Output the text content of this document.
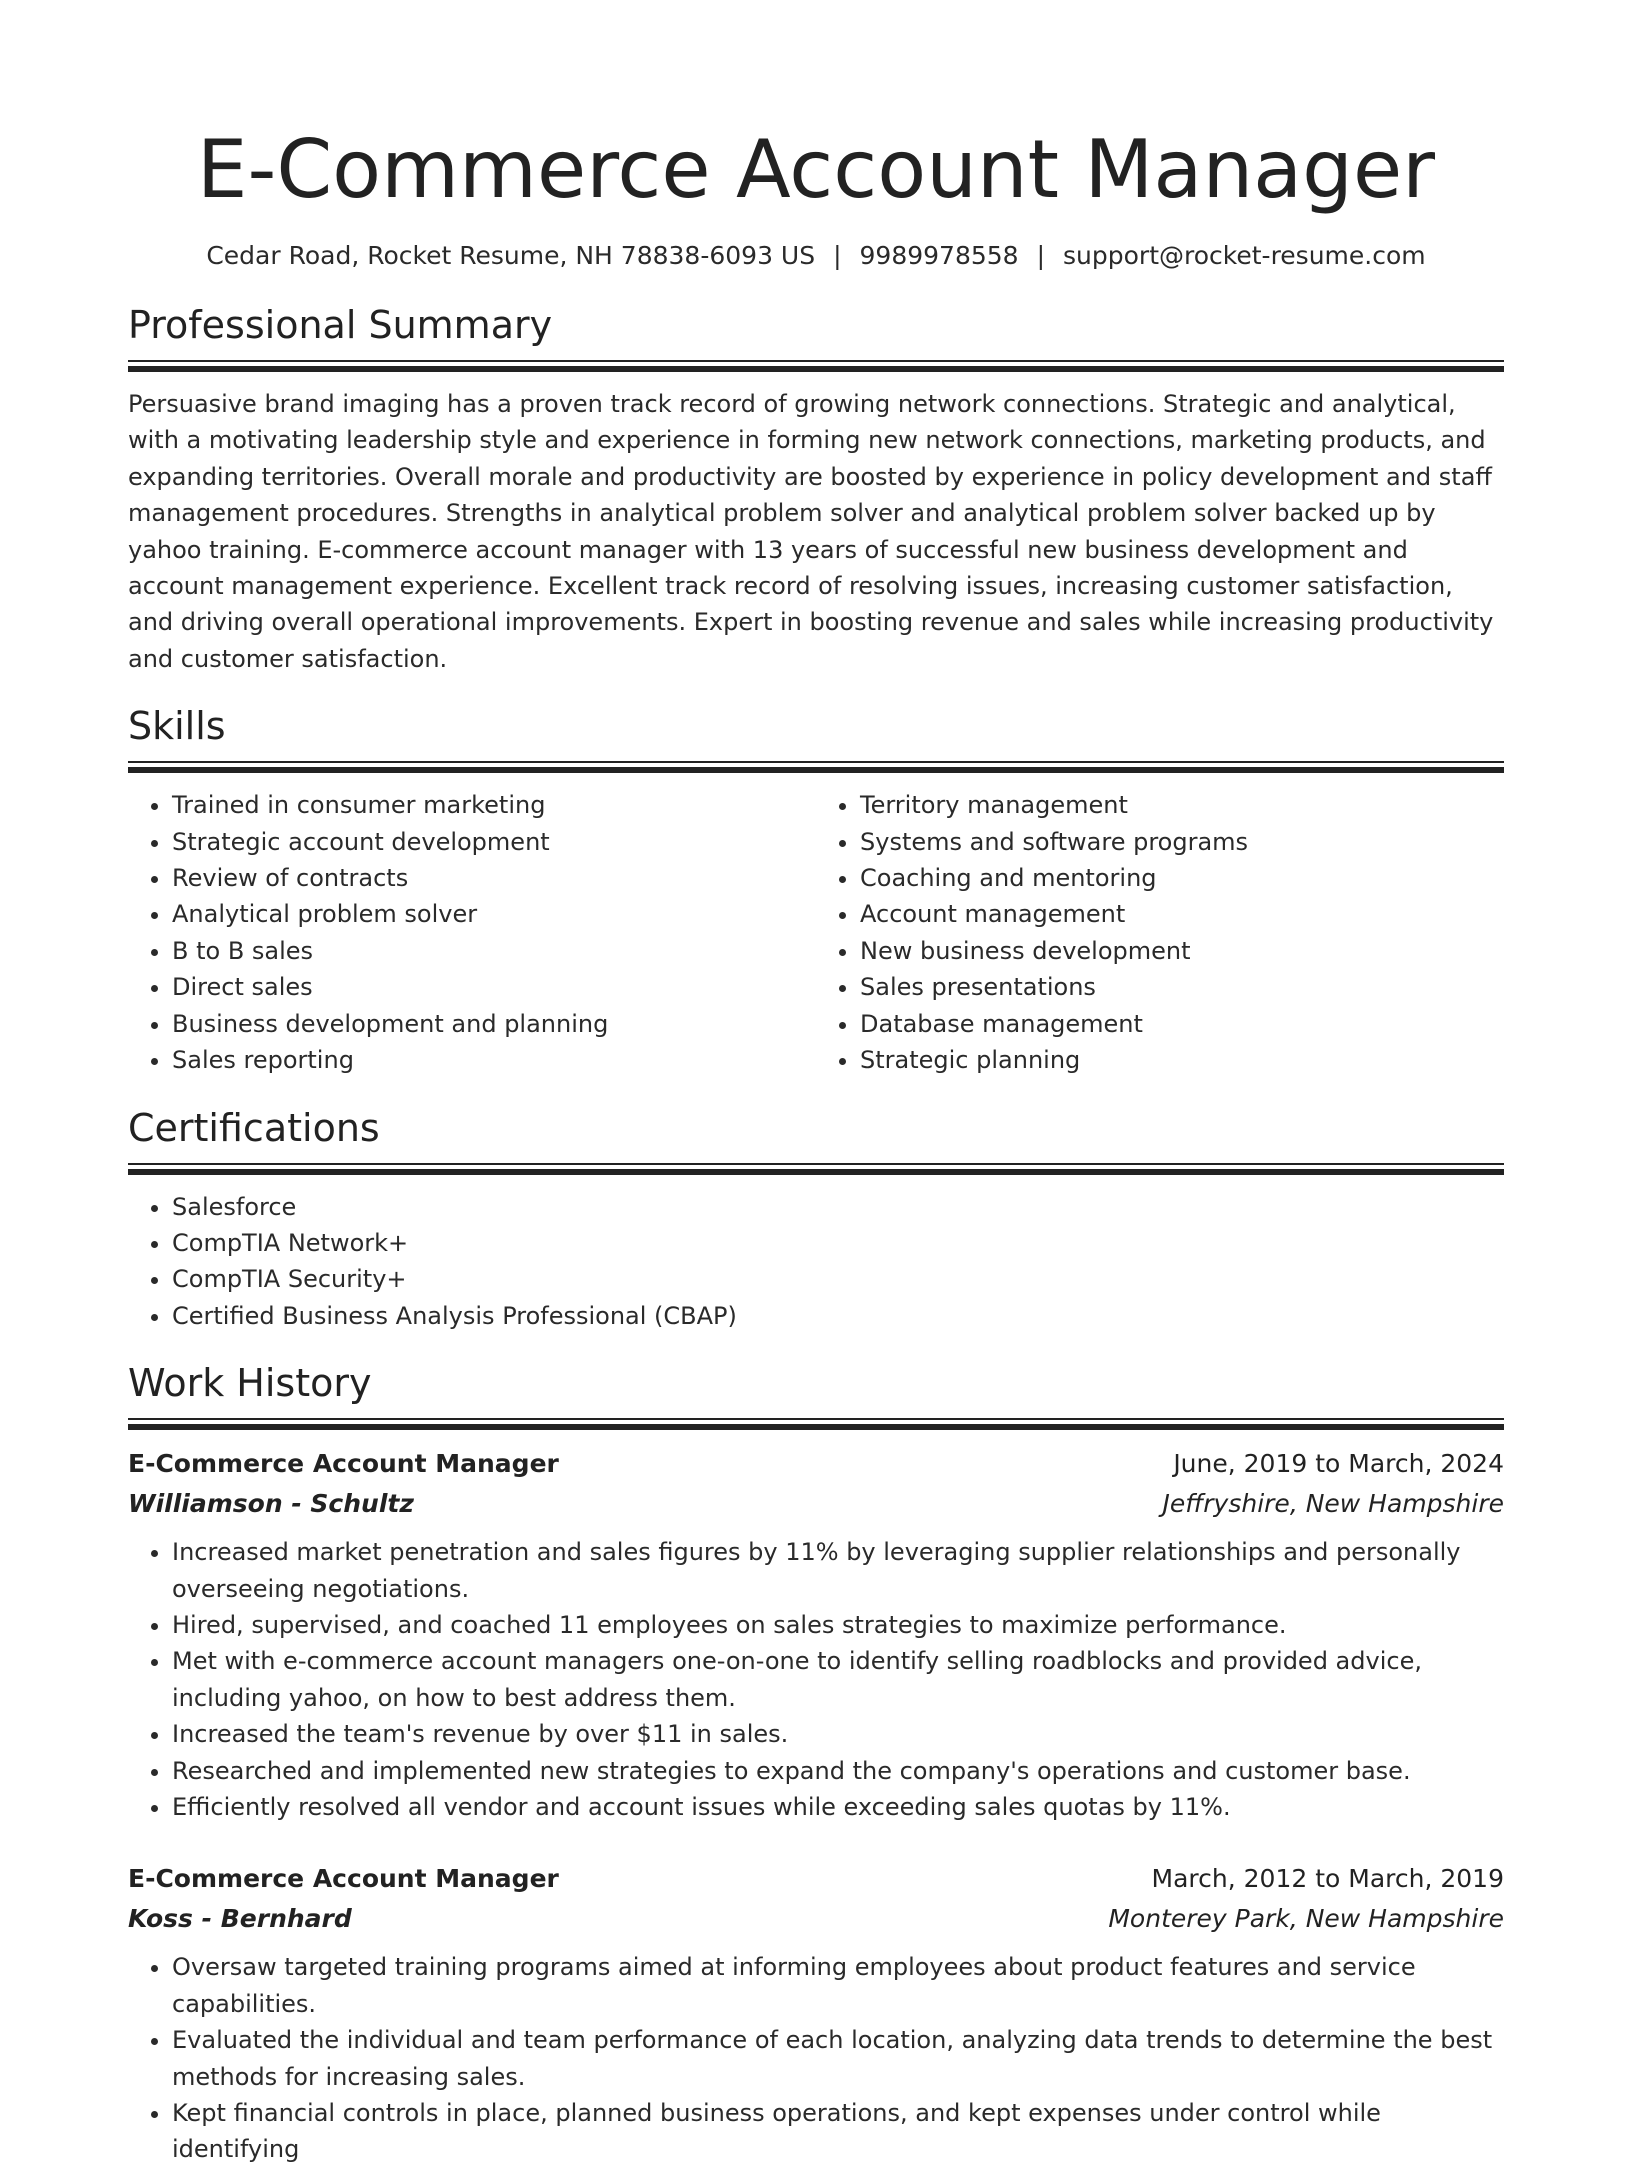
E-Commerce Account Manager
Cedar Road, Rocket Resume, NH 78838-6093 US | 9989978558 | support@rocket-resume.com
Professional Summary
Persuasive brand imaging has a proven track record of growing network connections. Strategic and analytical, with a motivating leadership style and experience in forming new network connections, marketing products, and expanding territories. Overall morale and productivity are boosted by experience in policy development and staff management procedures. Strengths in analytical problem solver and analytical problem solver backed up by yahoo training. E-commerce account manager with 13 years of successful new business development and account management experience. Excellent track record of resolving issues, increasing customer satisfaction, and driving overall operational improvements. Expert in boosting revenue and sales while increasing productivity and customer satisfaction.
Skills
• Trained in consumer marketing
• Strategic account development
• Review of contracts
• Analytical problem solver
• B to B sales
• Direct sales
• Business development and planning
• Sales reporting
• Territory management
• Systems and software programs
• Coaching and mentoring
• Account management
• New business development
• Sales presentations
• Database management
• Strategic planning
Certifications
• Salesforce
• CompTIA Network+
• CompTIA Security+
• Certified Business Analysis Professional (CBAP)
Work History
E-Commerce Account Manager	June, 2019 to March, 2024
Williamson - Schultz	Jeffryshire, New Hampshire
• Increased market penetration and sales figures by 11% by leveraging supplier relationships and personally overseeing negotiations.
• Hired, supervised, and coached 11 employees on sales strategies to maximize performance.
• Met with e-commerce account managers one-on-one to identify selling roadblocks and provided advice, including yahoo, on how to best address them.
• Increased the team's revenue by over $11 in sales.
• Researched and implemented new strategies to expand the company's operations and customer base.
• Efficiently resolved all vendor and account issues while exceeding sales quotas by 11%.
E-Commerce Account Manager	March, 2012 to March, 2019
Koss - Bernhard	Monterey Park, New Hampshire
• Oversaw targeted training programs aimed at informing employees about product features and service capabilities.
• Evaluated the individual and team performance of each location, analyzing data trends to determine the best methods for increasing sales.
• Kept financial controls in place, planned business operations, and kept expenses under control while identifying
